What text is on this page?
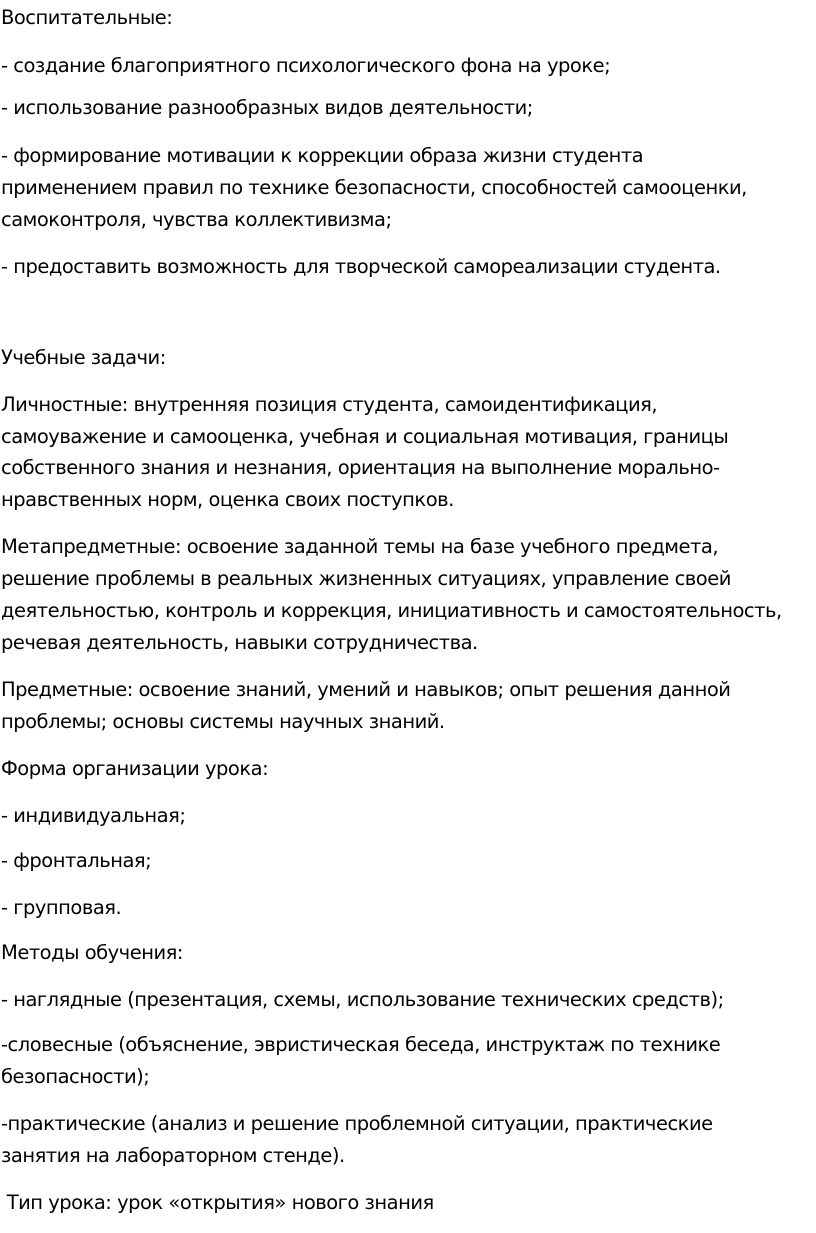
Воспитательные:
- создание благоприятного психологического фона на уроке;
- использование разнообразных видов деятельности;
- формирование мотивации к коррекции образа жизни студента
применением правил по технике безопасности, способностей самооценки,
самоконтроля, чувства коллективизма;
- предоставить возможность для творческой самореализации студента.
Учебные задачи:
Личностные: внутренняя позиция студента, самоидентификация,
самоуважение и самооценка, учебная и социальная мотивация, границы
собственного знания и незнания, ориентация на выполнение морально-
нравственных норм, оценка своих поступков.
Метапредметные: освоение заданной темы на базе учебного предмета,
решение проблемы в реальных жизненных ситуациях, управление своей
деятельностью, контроль и коррекция, инициативность и самостоятельность,
речевая деятельность, навыки сотрудничества.
Предметные: освоение знаний, умений и навыков; опыт решения данной
проблемы; основы системы научных знаний.
Форма организации урока:
- индивидуальная;
- фронтальная;
- групповая.
Методы обучения:
- наглядные (презентация, схемы, использование технических средств);
-словесные (объяснение, эвристическая беседа, инструктаж по технике
безопасности);
-практические (анализ и решение проблемной ситуации, практические
занятия на лабораторном стенде).
Тип урока: урок «открытия» нового знания
